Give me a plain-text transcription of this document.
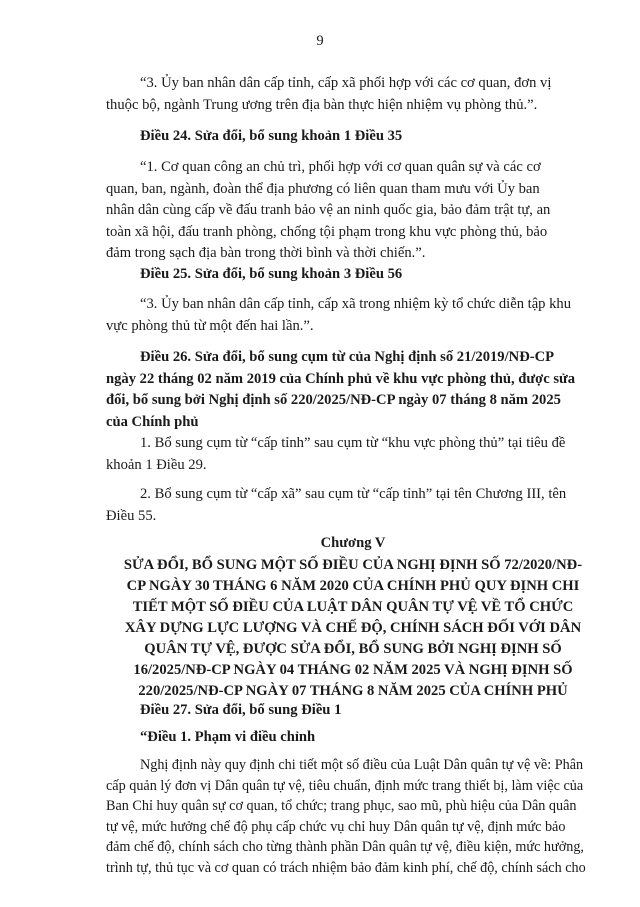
9
“3. Ủy ban nhân dân cấp tỉnh, cấp xã phối hợp với các cơ quan, đơn vị
thuộc bộ, ngành Trung ương trên địa bàn thực hiện nhiệm vụ phòng thủ.”.
Điều 24. Sửa đổi, bổ sung khoản 1 Điều 35
“1. Cơ quan công an chủ trì, phối hợp với cơ quan quân sự và các cơ
quan, ban, ngành, đoàn thể địa phương có liên quan tham mưu với Ủy ban
nhân dân cùng cấp về đấu tranh bảo vệ an ninh quốc gia, bảo đảm trật tự, an
toàn xã hội, đấu tranh phòng, chống tội phạm trong khu vực phòng thủ, bảo
đảm trong sạch địa bàn trong thời bình và thời chiến.”.
Điều 25. Sửa đổi, bổ sung khoản 3 Điều 56
“3. Ủy ban nhân dân cấp tỉnh, cấp xã trong nhiệm kỳ tổ chức diễn tập khu
vực phòng thủ từ một đến hai lần.”.
Điều 26. Sửa đổi, bổ sung cụm từ của Nghị định số 21/2019/NĐ-CP
ngày 22 tháng 02 năm 2019 của Chính phủ về khu vực phòng thủ, được sửa
đổi, bổ sung bởi Nghị định số 220/2025/NĐ-CP ngày 07 tháng 8 năm 2025
của Chính phủ
1. Bổ sung cụm từ “cấp tỉnh” sau cụm từ “khu vực phòng thủ” tại tiêu đề
khoản 1 Điều 29.
2. Bổ sung cụm từ “cấp xã” sau cụm từ “cấp tỉnh” tại tên Chương III, tên
Điều 55.
Chương V
SỬA ĐỔI, BỔ SUNG MỘT SỐ ĐIỀU CỦA NGHỊ ĐỊNH SỐ 72/2020/NĐ-
CP NGÀY 30 THÁNG 6 NĂM 2020 CỦA CHÍNH PHỦ QUY ĐỊNH CHI
TIẾT MỘT SỐ ĐIỀU CỦA LUẬT DÂN QUÂN TỰ VỆ VỀ TỔ CHỨC
XÂY DỰNG LỰC LƯỢNG VÀ CHẾ ĐỘ, CHÍNH SÁCH ĐỐI VỚI DÂN
QUÂN TỰ VỆ, ĐƯỢC SỬA ĐỔI, BỔ SUNG BỞI NGHỊ ĐỊNH SỐ
16/2025/NĐ-CP NGÀY 04 THÁNG 02 NĂM 2025 VÀ NGHỊ ĐỊNH SỐ
220/2025/NĐ-CP NGÀY 07 THÁNG 8 NĂM 2025 CỦA CHÍNH PHỦ
Điều 27. Sửa đổi, bổ sung Điều 1
“Điều 1. Phạm vi điều chỉnh
Nghị định này quy định chi tiết một số điều của Luật Dân quân tự vệ về: Phân
cấp quản lý đơn vị Dân quân tự vệ, tiêu chuẩn, định mức trang thiết bị, làm việc của
Ban Chỉ huy quân sự cơ quan, tổ chức; trang phục, sao mũ, phù hiệu của Dân quân
tự vệ, mức hưởng chế độ phụ cấp chức vụ chỉ huy Dân quân tự vệ, định mức bảo
đảm chế độ, chính sách cho từng thành phần Dân quân tự vệ, điều kiện, mức hưởng,
trình tự, thủ tục và cơ quan có trách nhiệm bảo đảm kinh phí, chế độ, chính sách cho
